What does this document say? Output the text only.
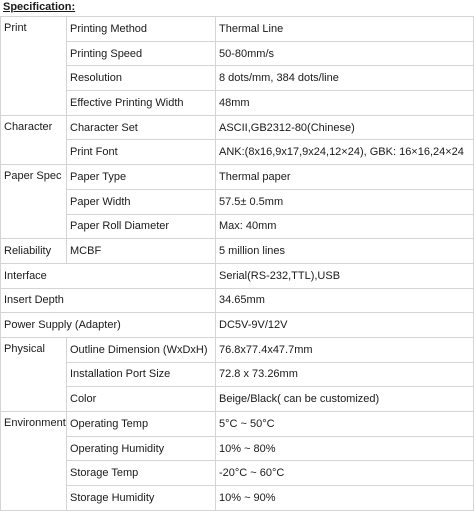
Specification:
Print	Printing Method	Thermal Line
	Printing Speed	50-80mm/s
	Resolution	8 dots/mm, 384 dots/line
	Effective Printing Width	48mm
Character	Character Set	ASCII,GB2312-80(Chinese)
	Print Font	ANK:(8x16,9x17,9x24,12×24), GBK: 16×16,24×24
Paper Spec	Paper Type	Thermal paper
	Paper Width	57.5± 0.5mm
	Paper Roll Diameter	Max: 40mm
Reliability	MCBF	5 million lines
Interface		Serial(RS-232,TTL),USB
Insert Depth		34.65mm
Power Supply (Adapter)		DC5V-9V/12V
Physical	Outline Dimension (WxDxH)	76.8x77.4x47.7mm
	Installation Port Size	72.8 x 73.26mm
	Color	Beige/Black( can be customized)
Environment	Operating Temp	5°C ~ 50°C
	Operating Humidity	10% ~ 80%
	Storage Temp	-20°C ~ 60°C
	Storage Humidity	10% ~ 90%
